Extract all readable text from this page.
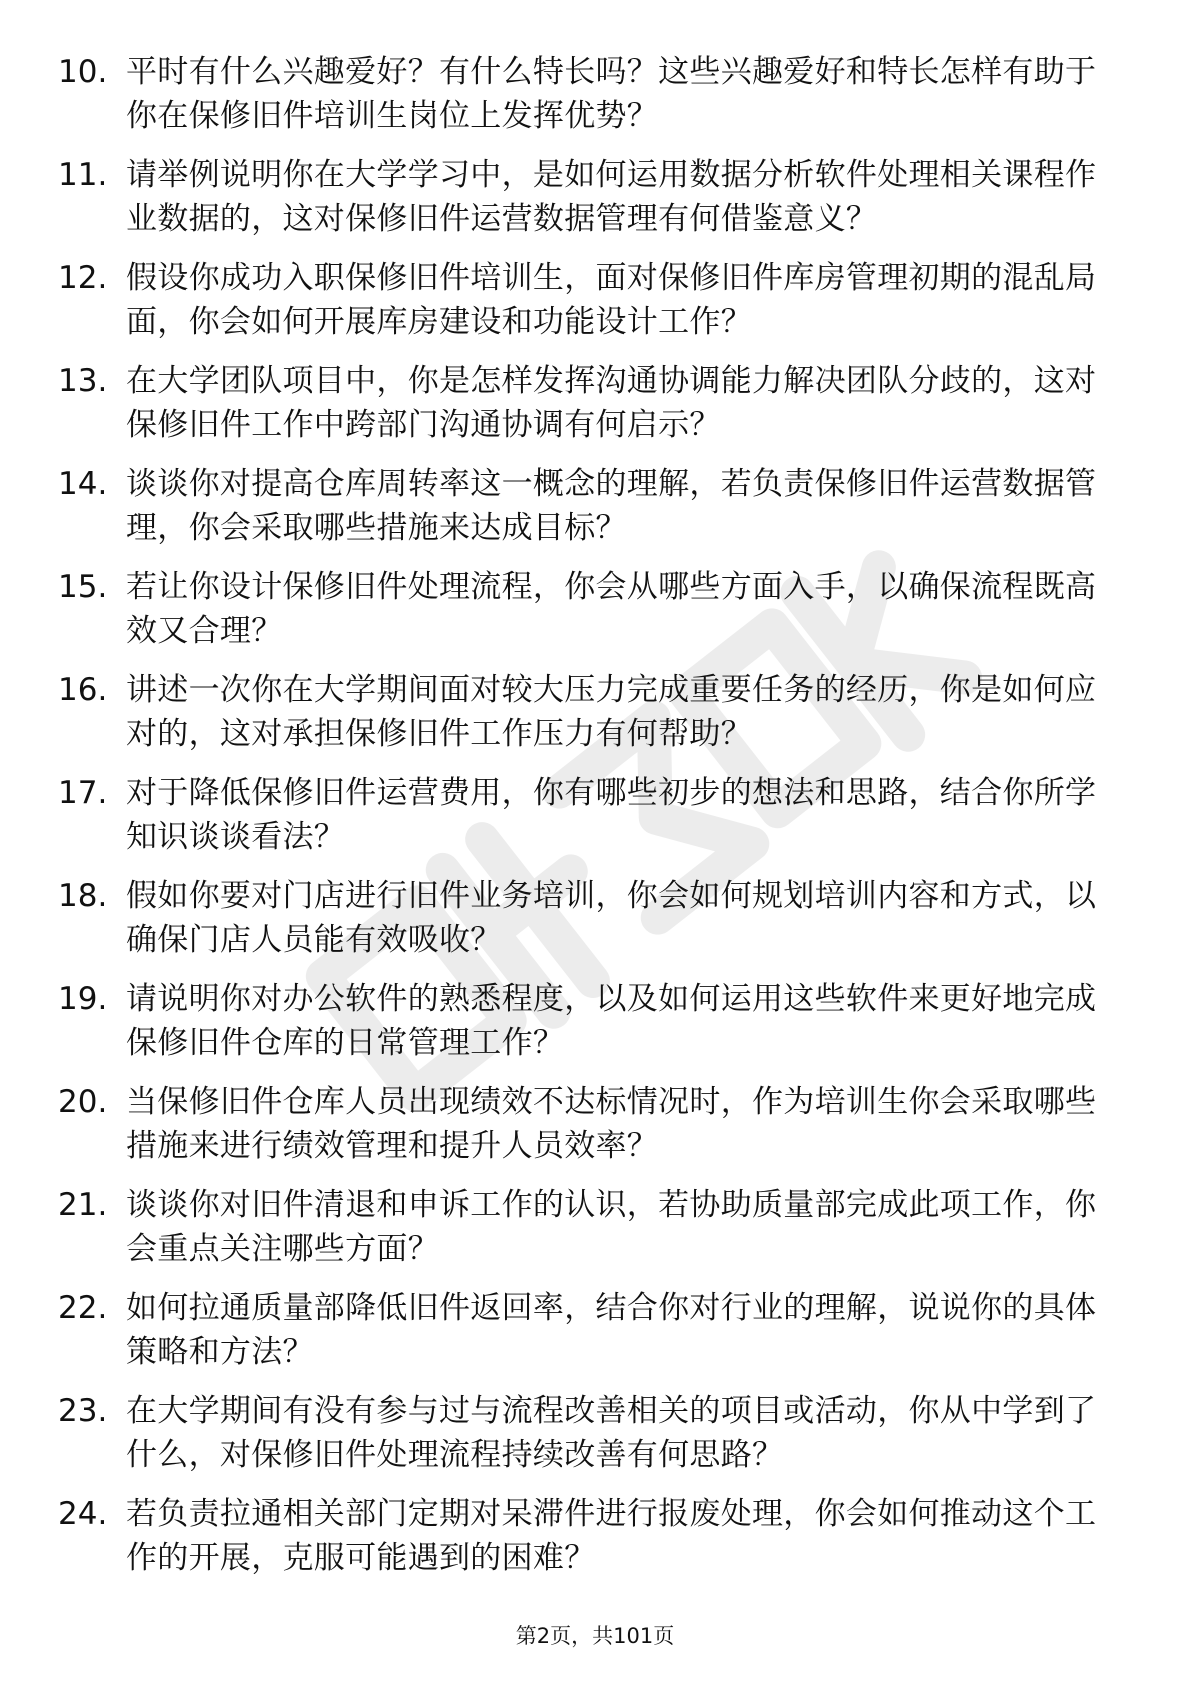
10. 平时有什么兴趣爱好？有什么特长吗？这些兴趣爱好和特长怎样有助于你在保修旧件培训生岗位上发挥优势？
11. 请举例说明你在大学学习中，是如何运用数据分析软件处理相关课程作业数据的，这对保修旧件运营数据管理有何借鉴意义？
12. 假设你成功入职保修旧件培训生，面对保修旧件库房管理初期的混乱局面，你会如何开展库房建设和功能设计工作？
13. 在大学团队项目中，你是怎样发挥沟通协调能力解决团队分歧的，这对保修旧件工作中跨部门沟通协调有何启示？
14. 谈谈你对提高仓库周转率这一概念的理解，若负责保修旧件运营数据管理，你会采取哪些措施来达成目标？
15. 若让你设计保修旧件处理流程，你会从哪些方面入手，以确保流程既高效又合理？
16. 讲述一次你在大学期间面对较大压力完成重要任务的经历，你是如何应对的，这对承担保修旧件工作压力有何帮助？
17. 对于降低保修旧件运营费用，你有哪些初步的想法和思路，结合你所学知识谈谈看法？
18. 假如你要对门店进行旧件业务培训，你会如何规划培训内容和方式，以确保门店人员能有效吸收？
19. 请说明你对办公软件的熟悉程度，以及如何运用这些软件来更好地完成保修旧件仓库的日常管理工作？
20. 当保修旧件仓库人员出现绩效不达标情况时，作为培训生你会采取哪些措施来进行绩效管理和提升人员效率？
21. 谈谈你对旧件清退和申诉工作的认识，若协助质量部完成此项工作，你会重点关注哪些方面？
22. 如何拉通质量部降低旧件返回率，结合你对行业的理解，说说你的具体策略和方法？
23. 在大学期间有没有参与过与流程改善相关的项目或活动，你从中学到了什么，对保修旧件处理流程持续改善有何思路？
24. 若负责拉通相关部门定期对呆滞件进行报废处理，你会如何推动这个工作的开展，克服可能遇到的困难？
第2页，共101页
